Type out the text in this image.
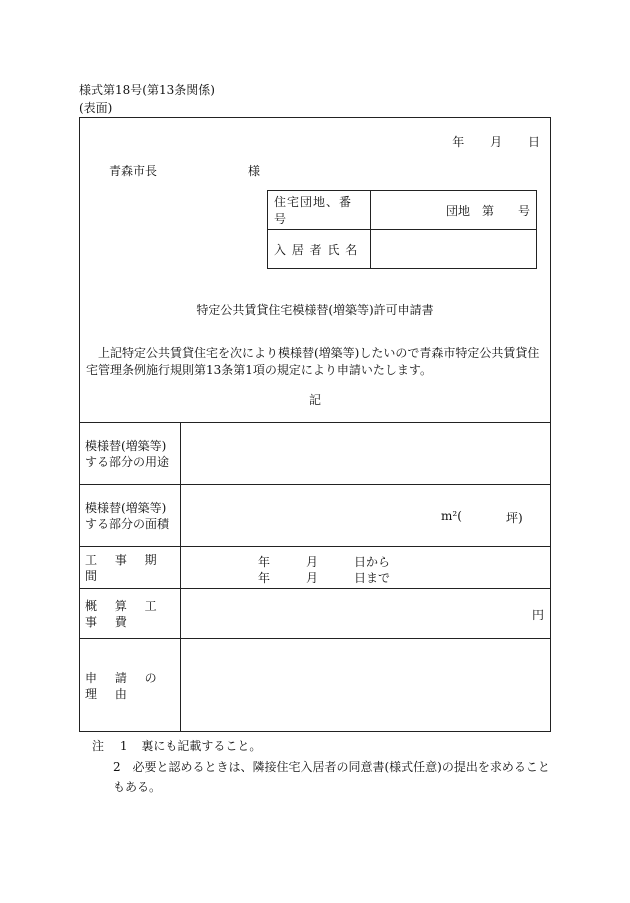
様式第18号(第13条関係)
(表面)
年 月 日
青森市長	様
住宅団地、番号	団地　第　　号
入 居 者 氏 名	
特定公共賃貸住宅模様替(増築等)許可申請書
上記特定公共賃貸住宅を次により模様替(増築等)したいので青森市特定公共賃貸住宅管理条例施行規則第13条第1項の規定により申請いたします。
記
模様替(増築等)
する部分の用途
模様替(増築等)
する部分の面積
m²(	坪)
工 事 期 間
年　　　月　　　日から
年　　　月　　　日まで
概 算 工 事 費	円
申 請 の 理 由
注 1 裏にも記載すること。
2 必要と認めるときは、隣接住宅入居者の同意書(様式任意)の提出を求めることもある。
